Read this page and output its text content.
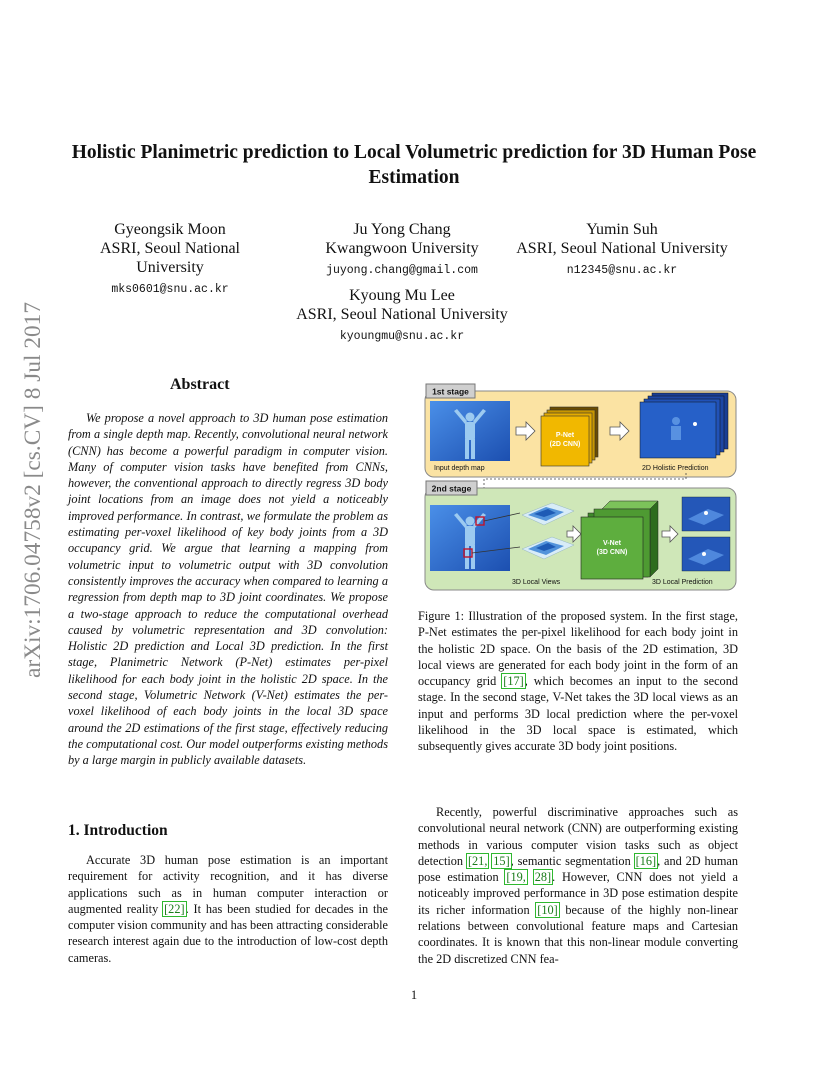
Holistic Planimetric prediction to Local Volumetric prediction for 3D Human Pose Estimation
Gyeongsik Moon
ASRI, Seoul National University
mks0601@snu.ac.kr
Ju Yong Chang
Kwangwoon University
juyong.chang@gmail.com
Yumin Suh
ASRI, Seoul National University
n12345@snu.ac.kr
Kyoung Mu Lee
ASRI, Seoul National University
kyoungmu@snu.ac.kr
arXiv:1706.04758v2 [cs.CV] 8 Jul 2017	Abstract
We propose a novel approach to 3D human pose estimation from a single depth map. Recently, convolutional neural network (CNN) has become a powerful paradigm in computer vision. Many of computer vision tasks have benefited from CNNs, however, the conventional approach to directly regress 3D body joint locations from an image does not yield a noticeably improved performance. In contrast, we formulate the problem as estimating per-voxel likelihood of key body joints from a 3D occupancy grid. We argue that learning a mapping from volumetric input to volumetric output with 3D convolution consistently improves the accuracy when compared to learning a regression from depth map to 3D joint coordinates. We propose a two-stage approach to reduce the computational overhead caused by volumetric representation and 3D convolution: Holistic 2D prediction and Local 3D prediction. In the first stage, Planimetric Network (P-Net) estimates per-pixel likelihood for each body joint in the holistic 2D space. In the second stage, Volumetric Network (V-Net) estimates the per-voxel likelihood of each body joints in the local 3D space around the 2D estimations of the first stage, effectively reducing the computational cost. Our model outperforms existing methods by a large margin in publicly available datasets.
1. Introduction
Accurate 3D human pose estimation is an important requirement for activity recognition, and it has diverse applications such as in human computer interaction or augmented reality [22]. It has been studied for decades in the computer vision community and has been attracting considerable research interest again due to the introduction of low-cost depth cameras.
1st stage
Input depth map
P-Net
(2D CNN)
2D Holistic Prediction
2nd stage
3D Local Views
V-Net
(3D CNN)
3D Local Prediction
Figure 1: Illustration of the proposed system. In the first stage, P-Net estimates the per-pixel likelihood for each body joint in the holistic 2D space. On the basis of the 2D estimation, 3D local views are generated for each body joint in the form of an occupancy grid [17], which becomes an input to the second stage. In the second stage, V-Net takes the 3D local views as an input and performs 3D local prediction where the per-voxel likelihood in the 3D local space is estimated, which subsequently gives accurate 3D body joint positions.
Recently, powerful discriminative approaches such as convolutional neural network (CNN) are outperforming existing methods in various computer vision tasks such as object detection [21, 15], semantic segmentation [16], and 2D human pose estimation [19, 28]. However, CNN does not yield a noticeably improved performance in 3D pose estimation despite its richer information [10] because of the highly non-linear relations between convolutional feature maps and Cartesian coordinates. It is known that this non-linear module converting the 2D discretized CNN fea-
1
